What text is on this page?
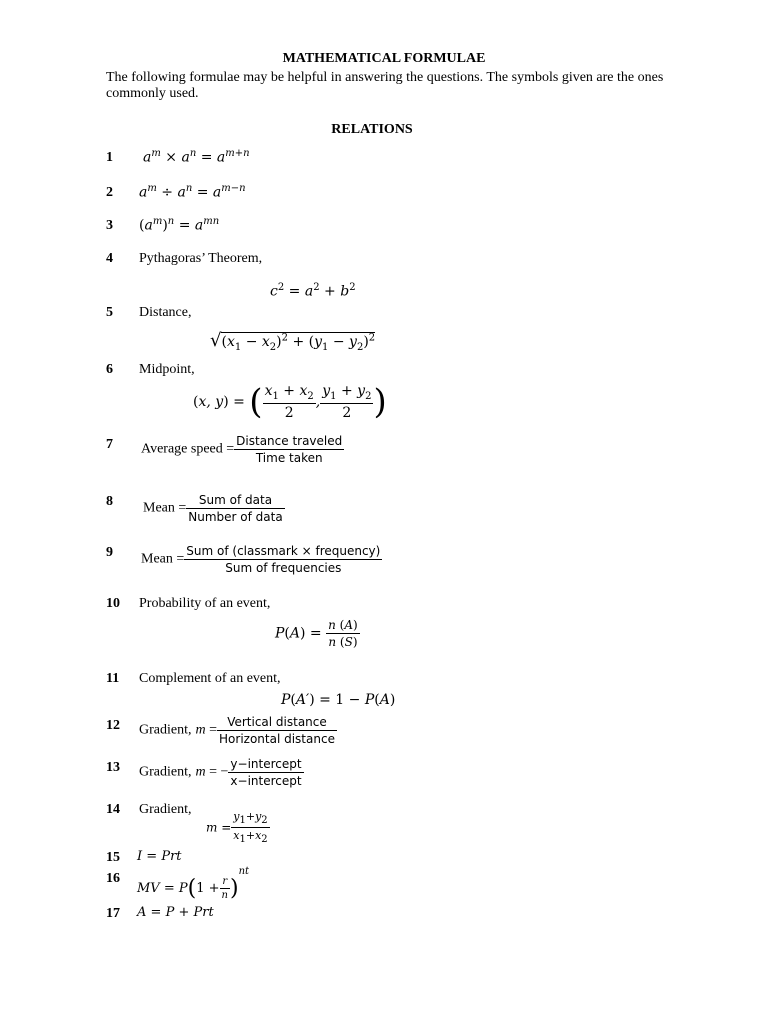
MATHEMATICAL FORMULAE
The following formulae may be helpful in answering the questions. The symbols given are the ones
commonly used.
RELATIONS
1 $a^m \times a^n = a^{m+n}$
2 $a^m \div a^n = a^{m-n}$
3 $(a^m)^n = a^{mn}$
4 Pythagoras’ Theorem,
$c^2 = a^2 + b^2$
5 Distance,
$√(x_1 - x_2)^2 + (y_1 - y_2)^2$
6 Midpoint,
(x, y) = ( $\frac{x_1 + x_2}{2}$ , $\frac{y_1 + y_2}{2}$ )
7 Average speed = $\frac{\text{Distance traveled}}{\text{Time taken}}$
8 Mean = $\frac{\text{Sum of data}}{\text{Number of data}}$
9 Mean = $\frac{\text{Sum of (classmark × frequency)}}{\text{Sum of frequencies}}$
10 Probability of an event,
$P(A) = \frac{n (A)}{n (S)}$
11 Complement of an event,
P(A′) = 1 − P(A)
12 Gradient, $m = \frac{\text{Vertical distance}}{\text{Horizontal distance}}$
13 Gradient, m = − $\frac{\text{y−intercept}}{\text{x−intercept}}$
14 Gradient,
$m = \frac{y_1+y_2}{x_1+x_2}$
15 I = Prt
16
MV = $P(1 + \frac{r}{n} )^{nt}$
17 A = P + Prt
